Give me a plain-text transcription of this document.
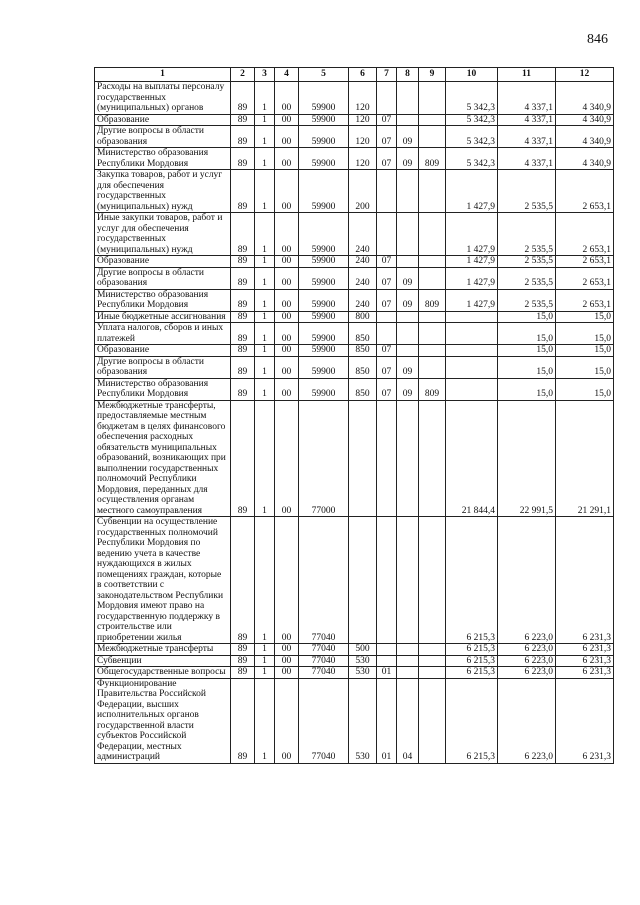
846
1	2	3	4	5	6	7	8	9	10	11	12
Расходы на выплаты персоналу государственных (муниципальных) органов	89	1	00	59900	120				5 342,3	4 337,1	4 340,9
Образование	89	1	00	59900	120	07			5 342,3	4 337,1	4 340,9
Другие вопросы в области образования	89	1	00	59900	120	07	09		5 342,3	4 337,1	4 340,9
Министерство образования Республики Мордовия	89	1	00	59900	120	07	09	809	5 342,3	4 337,1	4 340,9
Закупка товаров, работ и услуг для обеспечения государственных (муниципальных) нужд	89	1	00	59900	200				1 427,9	2 535,5	2 653,1
Иные закупки товаров, работ и услуг для обеспечения государственных (муниципальных) нужд	89	1	00	59900	240				1 427,9	2 535,5	2 653,1
Образование	89	1	00	59900	240	07			1 427,9	2 535,5	2 653,1
Другие вопросы в области образования	89	1	00	59900	240	07	09		1 427,9	2 535,5	2 653,1
Министерство образования Республики Мордовия	89	1	00	59900	240	07	09	809	1 427,9	2 535,5	2 653,1
Иные бюджетные ассигнования	89	1	00	59900	800					15,0	15,0
Уплата налогов, сборов и иных платежей	89	1	00	59900	850					15,0	15,0
Образование	89	1	00	59900	850	07				15,0	15,0
Другие вопросы в области образования	89	1	00	59900	850	07	09			15,0	15,0
Министерство образования Республики Мордовия	89	1	00	59900	850	07	09	809		15,0	15,0
Межбюджетные трансферты, предоставляемые местным бюджетам в целях финансового обеспечения расходных обязательств муниципальных образований, возникающих при выполнении государственных полномочий Республики Мордовия, переданных для осуществления органам местного самоуправления	89	1	00	77000					21 844,4	22 991,5	21 291,1
Субвенции на осуществление государственных полномочий Республики Мордовия по ведению учета в качестве нуждающихся в жилых помещениях граждан, которые в соответствии с законодательством Республики Мордовия имеют право на государственную поддержку в строительстве или приобретении жилья	89	1	00	77040					6 215,3	6 223,0	6 231,3
Межбюджетные трансферты	89	1	00	77040	500				6 215,3	6 223,0	6 231,3
Субвенции	89	1	00	77040	530				6 215,3	6 223,0	6 231,3
Общегосударственные вопросы	89	1	00	77040	530	01			6 215,3	6 223,0	6 231,3
Функционирование Правительства Российской Федерации, высших исполнительных органов государственной власти субъектов Российской Федерации, местных администраций	89	1	00	77040	530	01	04		6 215,3	6 223,0	6 231,3
